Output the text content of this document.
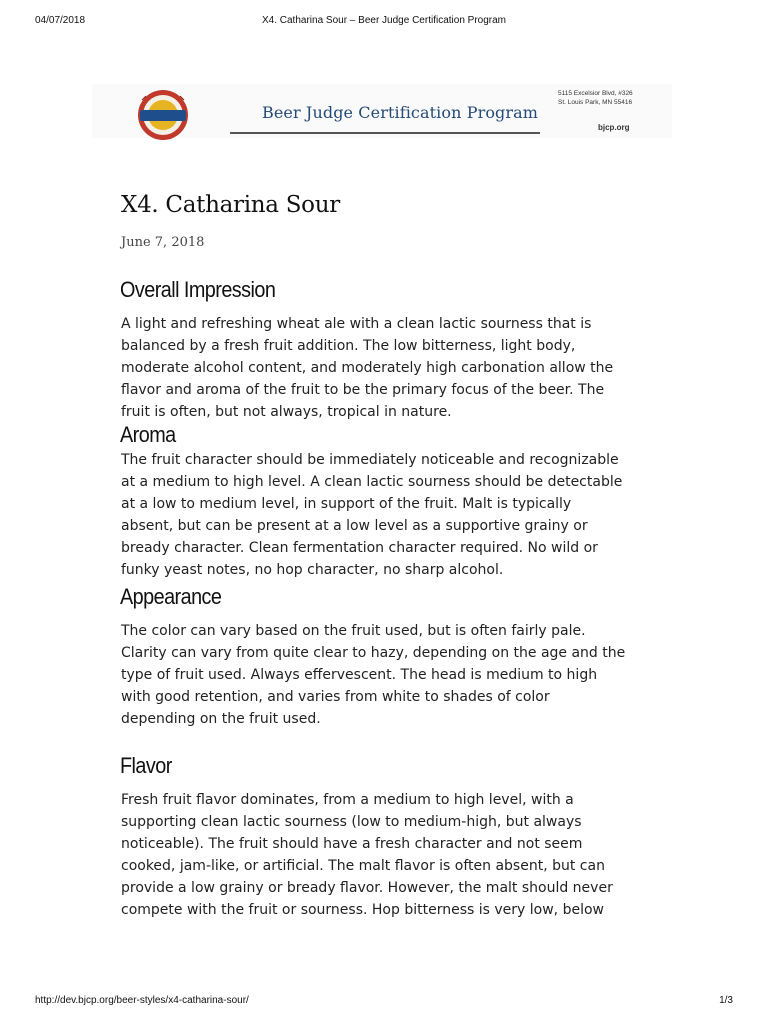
04/07/2018	X4. Catharina Sour – Beer Judge Certification Program
Beer Judge Certification Program
5115 Excelsior Blvd, #326
St. Louis Park, MN 55416
bjcp.org
X4. Catharina Sour
June 7, 2018
Overall Impression

A light and refreshing wheat ale with a clean lactic sourness that is
balanced by a fresh fruit addition. The low bitterness, light body,
moderate alcohol content, and moderately high carbonation allow the
flavor and aroma of the fruit to be the primary focus of the beer. The
fruit is often, but not always, tropical in nature.

Aroma

The fruit character should be immediately noticeable and recognizable
at a medium to high level. A clean lactic sourness should be detectable
at a low to medium level, in support of the fruit. Malt is typically
absent, but can be present at a low level as a supportive grainy or
bready character. Clean fermentation character required. No wild or
funky yeast notes, no hop character, no sharp alcohol.

Appearance

The color can vary based on the fruit used, but is often fairly pale.
Clarity can vary from quite clear to hazy, depending on the age and the
type of fruit used. Always effervescent. The head is medium to high
with good retention, and varies from white to shades of color
depending on the fruit used.

Flavor

Fresh fruit flavor dominates, from a medium to high level, with a
supporting clean lactic sourness (low to medium-high, but always
noticeable). The fruit should have a fresh character and not seem
cooked, jam-like, or artificial. The malt flavor is often absent, but can
provide a low grainy or bready flavor. However, the malt should never
compete with the fruit or sourness. Hop bitterness is very low, below

http://dev.bjcp.org/beer-styles/x4-catharina-sour/	1/3
